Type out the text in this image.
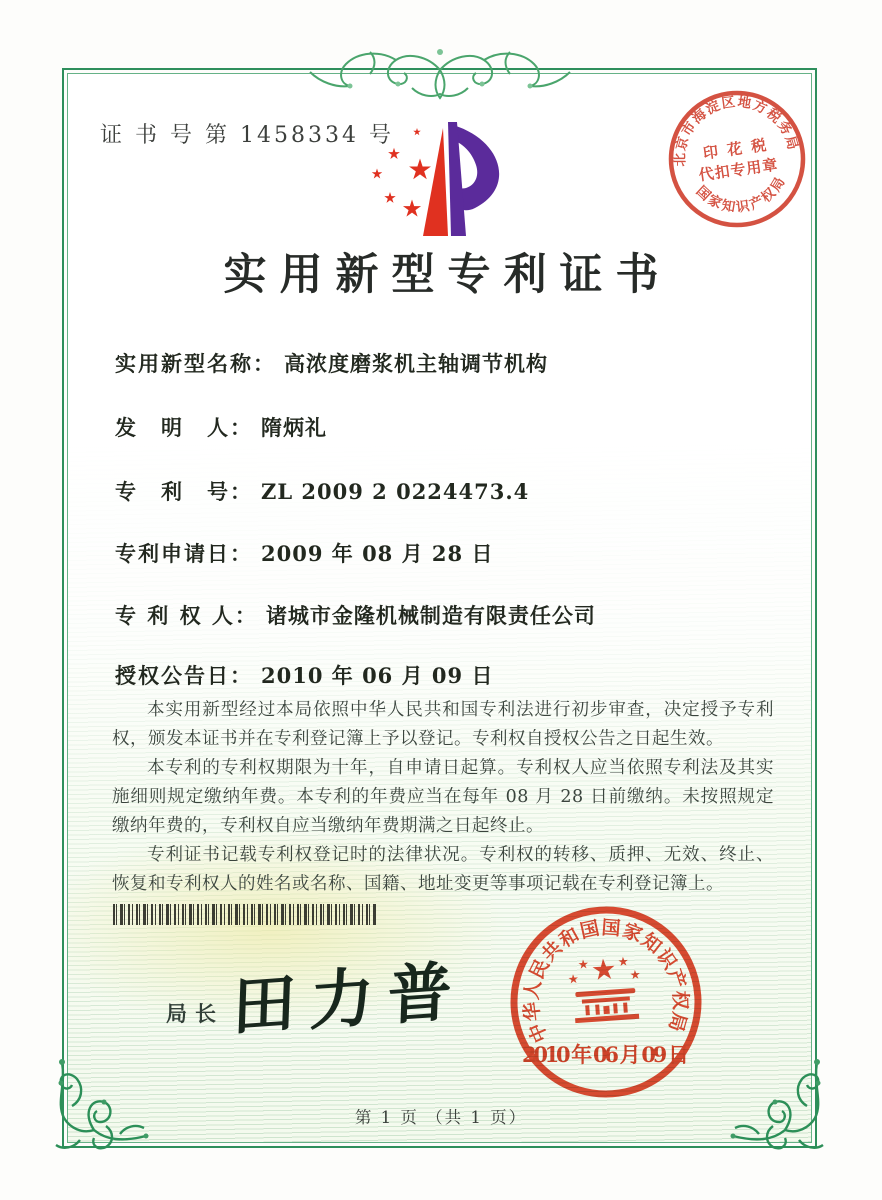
证 书 号 第 1458334 号
北京市海淀区地方税务局
国家知识产权局
印 花 税
代扣专用章
实用新型专利证书
实用新型名称： 高浓度磨浆机主轴调节机构
发　明　人： 隋炳礼
专　利　号： ZL 2009 2 0224473.4
专利申请日： 2009 年 08 月 28 日
专 利 权 人： 诸城市金隆机械制造有限责任公司
授权公告日： 2010 年 06 月 09 日

本实用新型经过本局依照中华人民共和国专利法进行初步审查，决定授予专利权，颁发本证书并在专利登记簿上予以登记。专利权自授权公告之日起生效。

本专利的专利权期限为十年，自申请日起算。专利权人应当依照专利法及其实施细则规定缴纳年费。本专利的年费应当在每年 08 月 28 日前缴纳。未按照规定缴纳年费的，专利权自应当缴纳年费期满之日起终止。

专利证书记载专利权登记时的法律状况。专利权的转移、质押、无效、终止、恢复和专利权人的姓名或名称、国籍、地址变更等事项记载在专利登记簿上。

局长 田力普	中华人民共和国国家知识产权局
2010 年 06 月 09 日
第 1 页 （共 1 页）
